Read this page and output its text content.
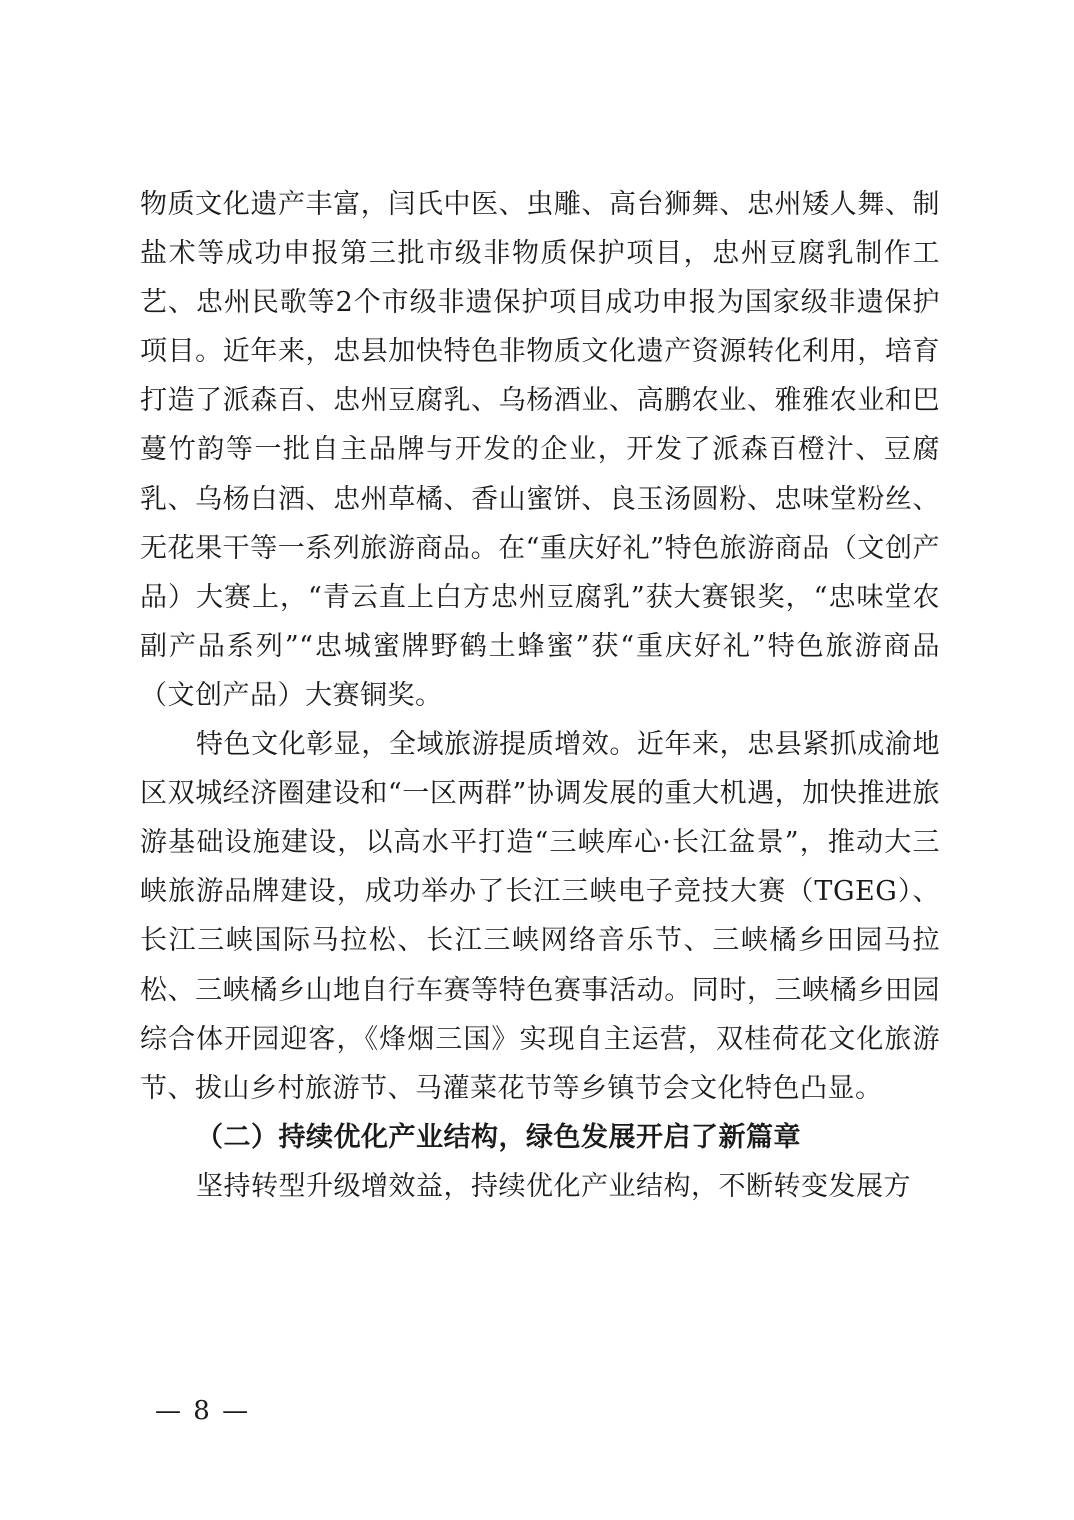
物质文化遗产丰富，闫氏中医、虫雕、高台狮舞、忠州矮人舞、制盐术等成功申报第三批市级非物质保护项目，忠州豆腐乳制作工艺、忠州民歌等2个市级非遗保护项目成功申报为国家级非遗保护项目。近年来，忠县加快特色非物质文化遗产资源转化利用，培育打造了派森百、忠州豆腐乳、乌杨酒业、高鹏农业、雅雅农业和巴蔓竹韵等一批自主品牌与开发的企业，开发了派森百橙汁、豆腐乳、乌杨白酒、忠州草橘、香山蜜饼、良玉汤圆粉、忠味堂粉丝、无花果干等一系列旅游商品。在“重庆好礼”特色旅游商品（文创产品）大赛上，“青云直上白方忠州豆腐乳”获大赛银奖，“忠味堂农副产品系列”“忠城蜜牌野鹤土蜂蜜”获“重庆好礼”特色旅游商品（文创产品）大赛铜奖。

特色文化彰显，全域旅游提质增效。近年来，忠县紧抓成渝地区双城经济圈建设和“一区两群”协调发展的重大机遇，加快推进旅游基础设施建设，以高水平打造“三峡库心·长江盆景”，推动大三峡旅游品牌建设，成功举办了长江三峡电子竞技大赛（TGEG）、长江三峡国际马拉松、长江三峡网络音乐节、三峡橘乡田园马拉松、三峡橘乡山地自行车赛等特色赛事活动。同时，三峡橘乡田园综合体开园迎客，《烽烟三国》实现自主运营，双桂荷花文化旅游节、拔山乡村旅游节、马灌菜花节等乡镇节会文化特色凸显。

（二）持续优化产业结构，绿色发展开启了新篇章

坚持转型升级增效益，持续优化产业结构，不断转变发展方

— 8 —
